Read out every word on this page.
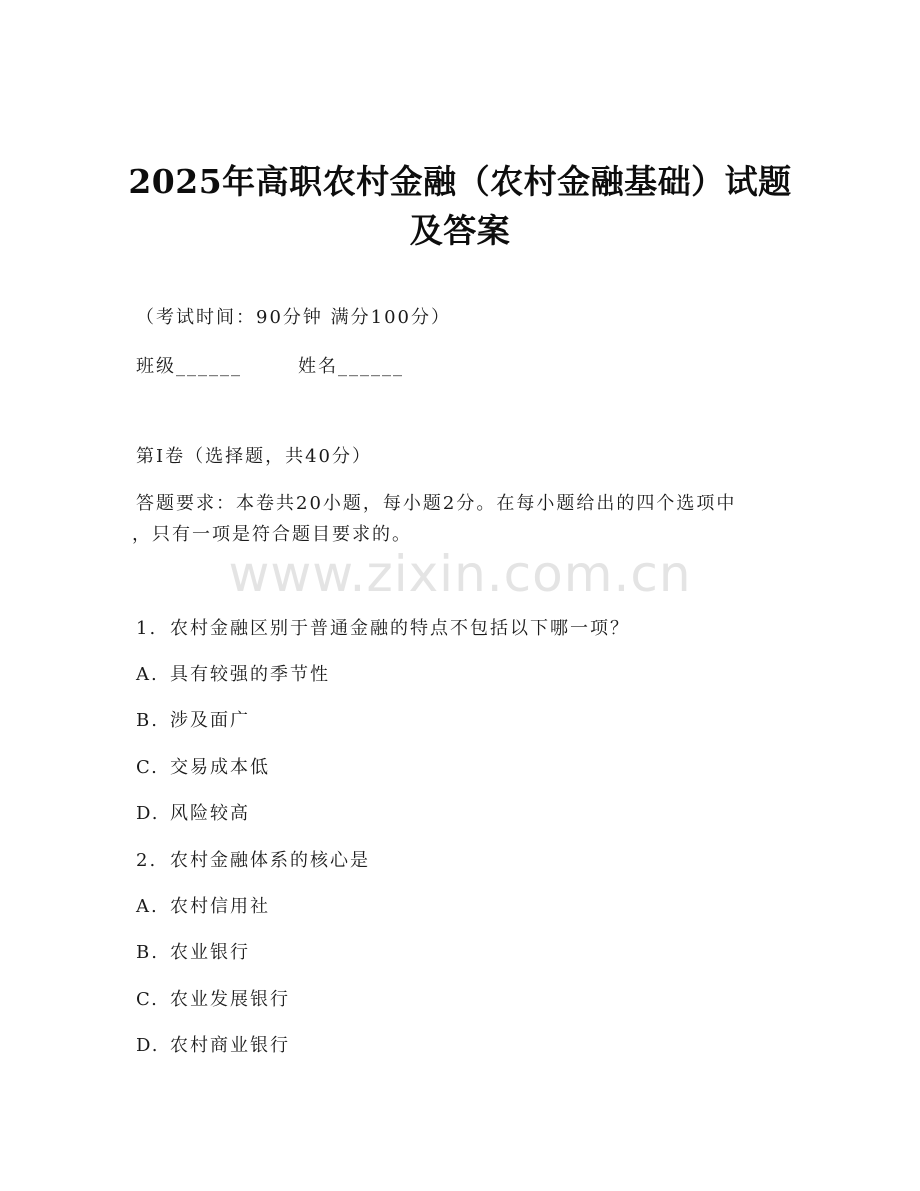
2025年高职农村金融（农村金融基础）试题
及答案
（考试时间：90分钟 满分100分）
班级______	姓名______
第I卷（选择题，共40分）
答题要求：本卷共20小题，每小题2分。在每小题给出的四个选项中
，只有一项是符合题目要求的。
www.zixin.com.cn
1. 农村金融区别于普通金融的特点不包括以下哪一项？
A. 具有较强的季节性
B. 涉及面广
C. 交易成本低
D. 风险较高
2. 农村金融体系的核心是
A. 农村信用社
B. 农业银行
C. 农业发展银行
D. 农村商业银行
